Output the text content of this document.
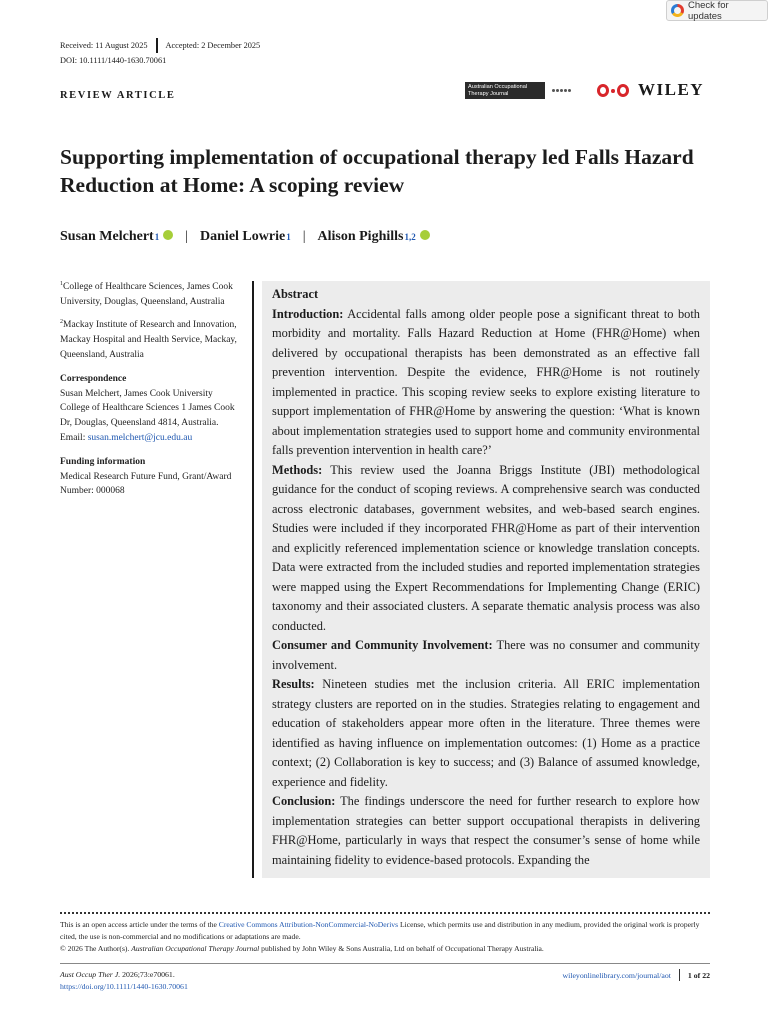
Check for updates
Received: 11 August 2025 Accepted: 2 December 2025
DOI: 10.1111/1440-1630.70061
REVIEW ARTICLE
Australian Occupational
Therapy Journal	WILEY
Supporting implementation of occupational therapy led Falls Hazard Reduction at Home: A scoping review
Susan Melchert 1 | Daniel Lowrie 1 | Alison Pighills 1,2

$^1$College of Healthcare Sciences, James Cook University, Douglas, Queensland, Australia

$^2$Mackay Institute of Research and Innovation, Mackay Hospital and Health Service, Mackay, Queensland, Australia

Correspondence

Susan Melchert, James Cook University College of Healthcare Sciences 1 James Cook Dr, Douglas, Queensland 4814, Australia.
Email: susan.melchert@jcu.edu.au

Funding information

Medical Research Future Fund, Grant/Award Number: 000068

Abstract
Introduction: Accidental falls among older people pose a significant threat to both morbidity and mortality. Falls Hazard Reduction at Home (FHR@Home) when delivered by occupational therapists has been demonstrated as an effective fall prevention intervention. Despite the evidence, FHR@Home is not routinely implemented in practice. This scoping review seeks to explore existing literature to support implementation of FHR@Home by answering the question: ‘What is known about implementation strategies used to support home and community environmental falls prevention intervention in health care?’
Methods: This review used the Joanna Briggs Institute (JBI) methodological guidance for the conduct of scoping reviews. A comprehensive search was conducted across electronic databases, government websites, and web-based search engines. Studies were included if they incorporated FHR@Home as part of their intervention and explicitly referenced implementation science or knowledge translation concepts. Data were extracted from the included studies and reported implementation strategies were mapped using the Expert Recommendations for Implementing Change (ERIC) taxonomy and their associated clusters. A separate thematic analysis process was also conducted.
Consumer and Community Involvement: There was no consumer and community involvement.
Results: Nineteen studies met the inclusion criteria. All ERIC implementation strategy clusters are reported on in the studies. Strategies relating to engagement and education of stakeholders appear more often in the literature. Three themes were identified as having influence on implementation outcomes: (1) Home as a practice context; (2) Collaboration is key to success; and (3) Balance of assumed knowledge, experience and fidelity.
Conclusion: The findings underscore the need for further research to explore how implementation strategies can better support occupational therapists in delivering FHR@Home, particularly in ways that respect the consumer’s sense of home while maintaining fidelity to evidence-based protocols. Expanding the
This is an open access article under the terms of the Creative Commons Attribution-NonCommercial-NoDerivs License, which permits use and distribution in any medium, provided the original work is properly cited, the use is non-commercial and no modifications or adaptations are made.
© 2026 The Author(s). Australian Occupational Therapy Journal published by John Wiley & Sons Australia, Ltd on behalf of Occupational Therapy Australia.
Aust Occup Ther J. 2026;73:e70061.
https://doi.org/10.1111/1440-1630.70061
wileyonlinelibrary.com/journal/aot 1 of 22
